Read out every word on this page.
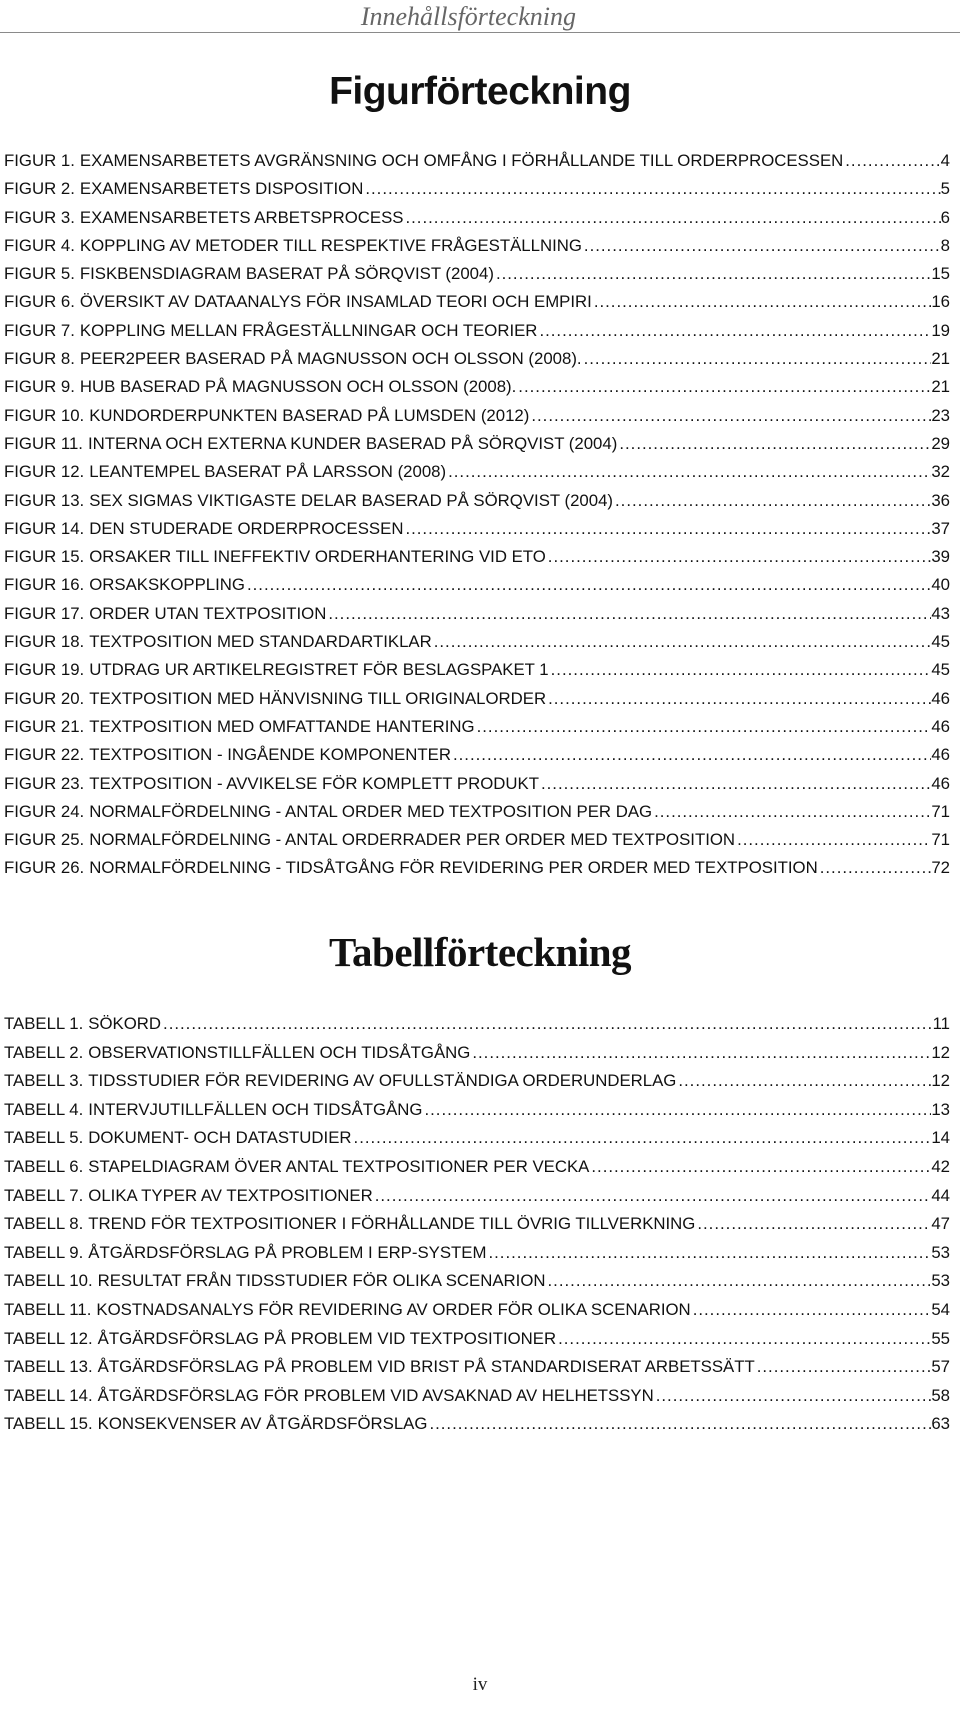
Innehållsförteckning
Figurförteckning
FIGUR 1. EXAMENSARBETETS AVGRÄNSNING OCH OMFÅNG I FÖRHÅLLANDE TILL ORDERPROCESSEN .....	4
FIGUR 2. EXAMENSARBETETS DISPOSITION .....	5
FIGUR 3. EXAMENSARBETETS ARBETSPROCESS .....	6
FIGUR 4. KOPPLING AV METODER TILL RESPEKTIVE FRÅGESTÄLLNING .....	8
FIGUR 5. FISKBENSDIAGRAM BASERAT PÅ SÖRQVIST (2004) .....	15
FIGUR 6. ÖVERSIKT AV DATAANALYS FÖR INSAMLAD TEORI OCH EMPIRI .....	16
FIGUR 7. KOPPLING MELLAN FRÅGESTÄLLNINGAR OCH TEORIER .....	19
FIGUR 8. PEER2PEER BASERAD PÅ MAGNUSSON OCH OLSSON (2008). .....	21
FIGUR 9. HUB BASERAD PÅ MAGNUSSON OCH OLSSON (2008). .....	21
FIGUR 10. KUNDORDERPUNKTEN BASERAD PÅ LUMSDEN (2012) .....	23
FIGUR 11. INTERNA OCH EXTERNA KUNDER BASERAD PÅ SÖRQVIST (2004) .....	29
FIGUR 12. LEANTEMPEL BASERAT PÅ LARSSON (2008) .....	32
FIGUR 13. SEX SIGMAS VIKTIGASTE DELAR BASERAD PÅ SÖRQVIST (2004) .....	36
FIGUR 14. DEN STUDERADE ORDERPROCESSEN .....	37
FIGUR 15. ORSAKER TILL INEFFEKTIV ORDERHANTERING VID ETO .....	39
FIGUR 16. ORSAKSKOPPLING .....	40
FIGUR 17. ORDER UTAN TEXTPOSITION .....	43
FIGUR 18. TEXTPOSITION MED STANDARDARTIKLAR .....	45
FIGUR 19. UTDRAG UR ARTIKELREGISTRET FÖR BESLAGSPAKET 1 .....	45
FIGUR 20. TEXTPOSITION MED HÄNVISNING TILL ORIGINALORDER .....	46
FIGUR 21. TEXTPOSITION MED OMFATTANDE HANTERING .....	46
FIGUR 22. TEXTPOSITION - INGÅENDE KOMPONENTER .....	46
FIGUR 23. TEXTPOSITION - AVVIKELSE FÖR KOMPLETT PRODUKT .....	46
FIGUR 24. NORMALFÖRDELNING - ANTAL ORDER MED TEXTPOSITION PER DAG .....	71
FIGUR 25. NORMALFÖRDELNING - ANTAL ORDERRADER PER ORDER MED TEXTPOSITION .....	71
FIGUR 26. NORMALFÖRDELNING - TIDSÅTGÅNG FÖR REVIDERING PER ORDER MED TEXTPOSITION .....	72
Tabellförteckning
TABELL 1. SÖKORD .....	11
TABELL 2. OBSERVATIONSTILLFÄLLEN OCH TIDSÅTGÅNG .....	12
TABELL 3. TIDSSTUDIER FÖR REVIDERING AV OFULLSTÄNDIGA ORDERUNDERLAG .....	12
TABELL 4. INTERVJUTILLFÄLLEN OCH TIDSÅTGÅNG .....	13
TABELL 5. DOKUMENT- OCH DATASTUDIER .....	14
TABELL 6. STAPELDIAGRAM ÖVER ANTAL TEXTPOSITIONER PER VECKA .....	42
TABELL 7. OLIKA TYPER AV TEXTPOSITIONER .....	44
TABELL 8. TREND FÖR TEXTPOSITIONER I FÖRHÅLLANDE TILL ÖVRIG TILLVERKNING .....	47
TABELL 9. ÅTGÄRDSFÖRSLAG PÅ PROBLEM I ERP-SYSTEM .....	53
TABELL 10. RESULTAT FRÅN TIDSSTUDIER FÖR OLIKA SCENARION .....	53
TABELL 11. KOSTNADSANALYS FÖR REVIDERING AV ORDER FÖR OLIKA SCENARION .....	54
TABELL 12. ÅTGÄRDSFÖRSLAG PÅ PROBLEM VID TEXTPOSITIONER .....	55
TABELL 13. ÅTGÄRDSFÖRSLAG PÅ PROBLEM VID BRIST PÅ STANDARDISERAT ARBETSSÄTT .....	57
TABELL 14. ÅTGÄRDSFÖRSLAG FÖR PROBLEM VID AVSAKNAD AV HELHETSSYN .....	58
TABELL 15. KONSEKVENSER AV ÅTGÄRDSFÖRSLAG .....	63
iv
